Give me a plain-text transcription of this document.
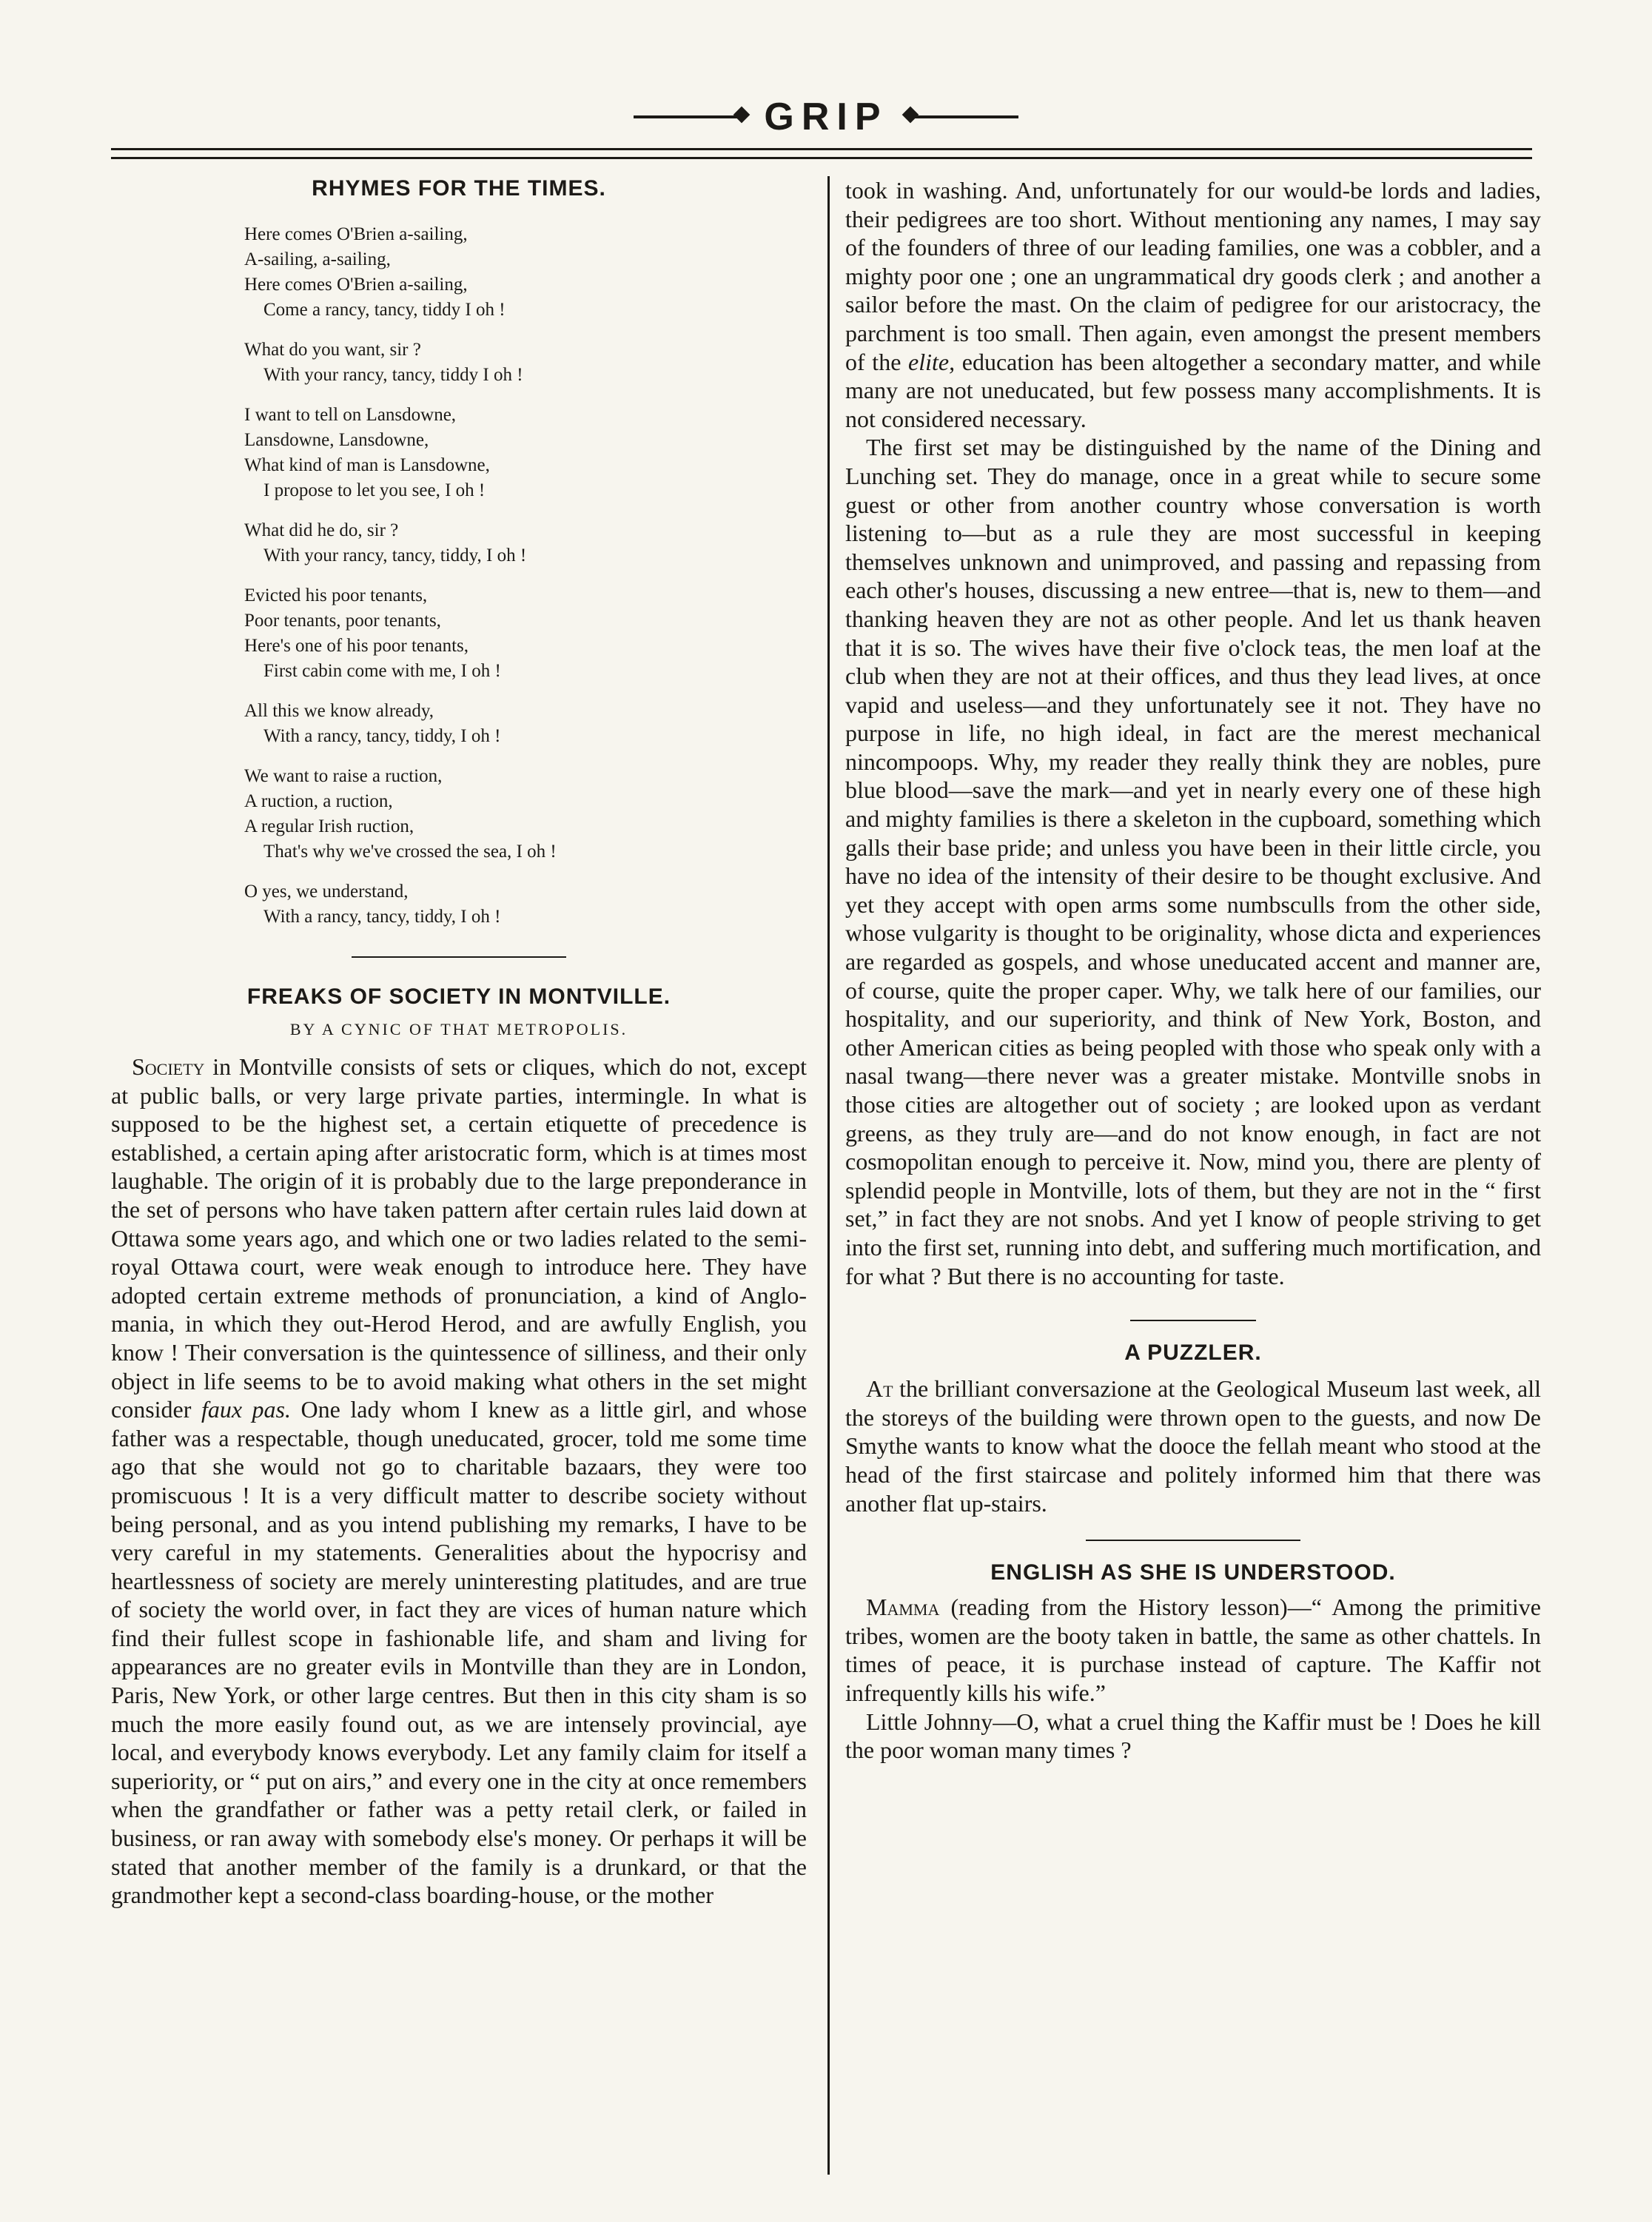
GRIP
RHYMES FOR THE TIMES.
Here comes O'Brien a-sailing,
A-sailing, a-sailing,
Here comes O'Brien a-sailing,
Come a rancy, tancy, tiddy I oh !
What do you want, sir ?
With your rancy, tancy, tiddy I oh !
I want to tell on Lansdowne,
Lansdowne, Lansdowne,
What kind of man is Lansdowne,
I propose to let you see, I oh !
What did he do, sir ?
With your rancy, tancy, tiddy, I oh !
Evicted his poor tenants,
Poor tenants, poor tenants,
Here's one of his poor tenants,
First cabin come with me, I oh !
All this we know already,
With a rancy, tancy, tiddy, I oh !
We want to raise a ruction,
A ruction, a ruction,
A regular Irish ruction,
That's why we've crossed the sea, I oh !
O yes, we understand,
With a rancy, tancy, tiddy, I oh !
FREAKS OF SOCIETY IN MONTVILLE.
BY A CYNIC OF THAT METROPOLIS.

Society in Montville consists of sets or cliques, which do not, except at public balls, or very large private parties, intermingle. In what is supposed to be the highest set, a certain etiquette of precedence is established, a certain aping after aristocratic form, which is at times most laughable. The origin of it is probably due to the large preponderance in the set of persons who have taken pattern after certain rules laid down at Ottawa some years ago, and which one or two ladies related to the semi-royal Ottawa court, were weak enough to introduce here. They have adopted certain extreme methods of pronunciation, a kind of Anglo-mania, in which they out-Herod Herod, and are awfully English, you know ! Their conversation is the quintessence of silliness, and their only object in life seems to be to avoid making what others in the set might consider faux pas. One lady whom I knew as a little girl, and whose father was a respectable, though uneducated, grocer, told me some time ago that she would not go to charitable bazaars, they were too promiscuous ! It is a very difficult matter to describe society without being personal, and as you intend publishing my remarks, I have to be very careful in my statements. Generalities about the hypocrisy and heartlessness of society are merely uninteresting platitudes, and are true of society the world over, in fact they are vices of human nature which find their fullest scope in fashionable life, and sham and living for appearances are no greater evils in Montville than they are in London, Paris, New York, or other large centres. But then in this city sham is so much the more easily found out, as we are intensely provincial, aye local, and everybody knows everybody. Let any family claim for itself a superiority, or “ put on airs,” and every one in the city at once remembers when the grandfather or father was a petty retail clerk, or failed in business, or ran away with somebody else's money. Or perhaps it will be stated that another member of the family is a drunkard, or that the grandmother kept a second-class boarding-house, or the mother

took in washing. And, unfortunately for our would-be lords and ladies, their pedigrees are too short. Without mentioning any names, I may say of the founders of three of our leading families, one was a cobbler, and a mighty poor one ; one an ungrammatical dry goods clerk ; and another a sailor before the mast. On the claim of pedigree for our aristocracy, the parchment is too small. Then again, even amongst the present members of the elite, education has been altogether a secondary matter, and while many are not uneducated, but few possess many accomplishments. It is not considered necessary.

The first set may be distinguished by the name of the Dining and Lunching set. They do manage, once in a great while to secure some guest or other from another country whose conversation is worth listening to—but as a rule they are most successful in keeping themselves unknown and unimproved, and passing and repassing from each other's houses, discussing a new entree—that is, new to them—and thanking heaven they are not as other people. And let us thank heaven that it is so. The wives have their five o'clock teas, the men loaf at the club when they are not at their offices, and thus they lead lives, at once vapid and useless—and they unfortunately see it not. They have no purpose in life, no high ideal, in fact are the merest mechanical nincompoops. Why, my reader they really think they are nobles, pure blue blood—save the mark—and yet in nearly every one of these high and mighty families is there a skeleton in the cupboard, something which galls their base pride; and unless you have been in their little circle, you have no idea of the intensity of their desire to be thought exclusive. And yet they accept with open arms some numbsculls from the other side, whose vulgarity is thought to be originality, whose dicta and experiences are regarded as gospels, and whose uneducated accent and manner are, of course, quite the proper caper. Why, we talk here of our families, our hospitality, and our superiority, and think of New York, Boston, and other American cities as being peopled with those who speak only with a nasal twang—there never was a greater mistake. Montville snobs in those cities are altogether out of society ; are looked upon as verdant greens, as they truly are—and do not know enough, in fact are not cosmopolitan enough to perceive it. Now, mind you, there are plenty of splendid people in Montville, lots of them, but they are not in the “ first set,” in fact they are not snobs. And yet I know of people striving to get into the first set, running into debt, and suffering much mortification, and for what ? But there is no accounting for taste.

A PUZZLER.

At the brilliant conversazione at the Geological Museum last week, all the storeys of the building were thrown open to the guests, and now De Smythe wants to know what the dooce the fellah meant who stood at the head of the first staircase and politely informed him that there was another flat up-stairs.

ENGLISH AS SHE IS UNDERSTOOD.

Mamma (reading from the History lesson)—“ Among the primitive tribes, women are the booty taken in battle, the same as other chattels. In times of peace, it is purchase instead of capture. The Kaffir not infrequently kills his wife.”

Little Johnny—O, what a cruel thing the Kaffir must be ! Does he kill the poor woman many times ?
